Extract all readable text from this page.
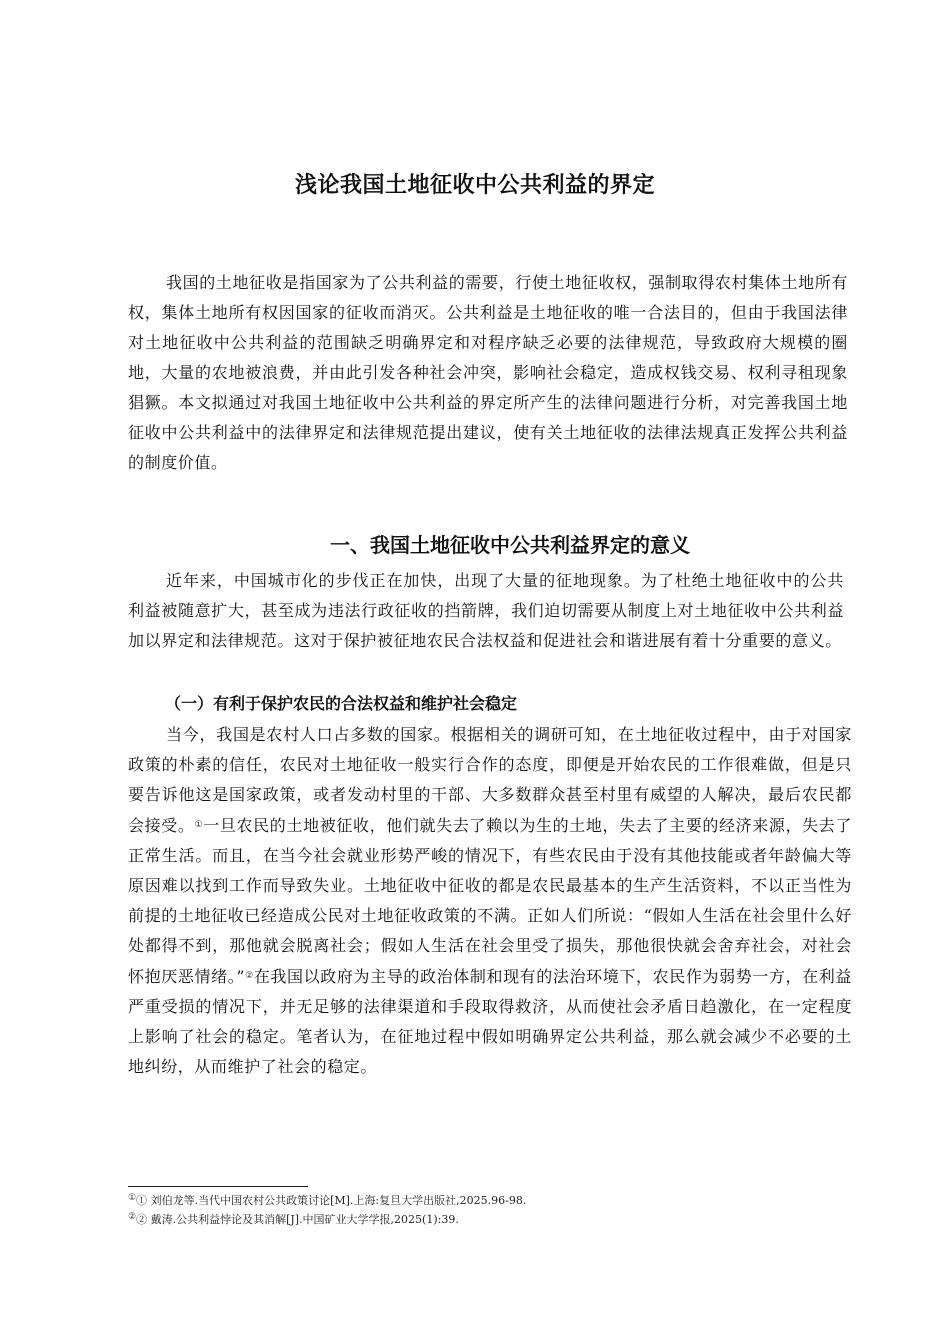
浅论我国土地征收中公共利益的界定

我国的土地征收是指国家为了公共利益的需要，行使土地征收权，强制取得农村集体土地所有权，集体土地所有权因国家的征收而消灭。公共利益是土地征收的唯一合法目的，但由于我国法律对土地征收中公共利益的范围缺乏明确界定和对程序缺乏必要的法律规范，导致政府大规模的圈地，大量的农地被浪费，并由此引发各种社会冲突，影响社会稳定，造成权钱交易、权利寻租现象猖獗。本文拟通过对我国土地征收中公共利益的界定所产生的法律问题进行分析，对完善我国土地征收中公共利益中的法律界定和法律规范提出建议，使有关土地征收的法律法规真正发挥公共利益的制度价值。

一、我国土地征收中公共利益界定的意义

近年来，中国城市化的步伐正在加快，出现了大量的征地现象。为了杜绝土地征收中的公共利益被随意扩大，甚至成为违法行政征收的挡箭牌，我们迫切需要从制度上对土地征收中公共利益加以界定和法律规范。这对于保护被征地农民合法权益和促进社会和谐进展有着十分重要的意义。

（一）有利于保护农民的合法权益和维护社会稳定

当今，我国是农村人口占多数的国家。根据相关的调研可知，在土地征收过程中，由于对国家政策的朴素的信任，农民对土地征收一般实行合作的态度，即便是开始农民的工作很难做，但是只要告诉他这是国家政策，或者发动村里的干部、大多数群众甚至村里有威望的人解决，最后农民都会接受。①一旦农民的土地被征收，他们就失去了赖以为生的土地，失去了主要的经济来源，失去了正常生活。而且，在当今社会就业形势严峻的情况下，有些农民由于没有其他技能或者年龄偏大等原因难以找到工作而导致失业。土地征收中征收的都是农民最基本的生产生活资料，不以正当性为前提的土地征收已经造成公民对土地征收政策的不满。正如人们所说：“假如人生活在社会里什么好处都得不到，那他就会脱离社会；假如人生活在社会里受了损失，那他很快就会舍弃社会，对社会怀抱厌恶情绪。”②在我国以政府为主导的政治体制和现有的法治环境下，农民作为弱势一方，在利益严重受损的情况下，并无足够的法律渠道和手段取得救济，从而使社会矛盾日趋激化，在一定程度上影响了社会的稳定。笔者认为，在征地过程中假如明确界定公共利益，那么就会减少不必要的土地纠纷，从而维护了社会的稳定。

①① 刘伯龙等.当代中国农村公共政策讨论[M].上海:复旦大学出版社,2025.96-98.

②② 戴涛.公共利益悖论及其消解[J].中国矿业大学学报,2025(1):39.
